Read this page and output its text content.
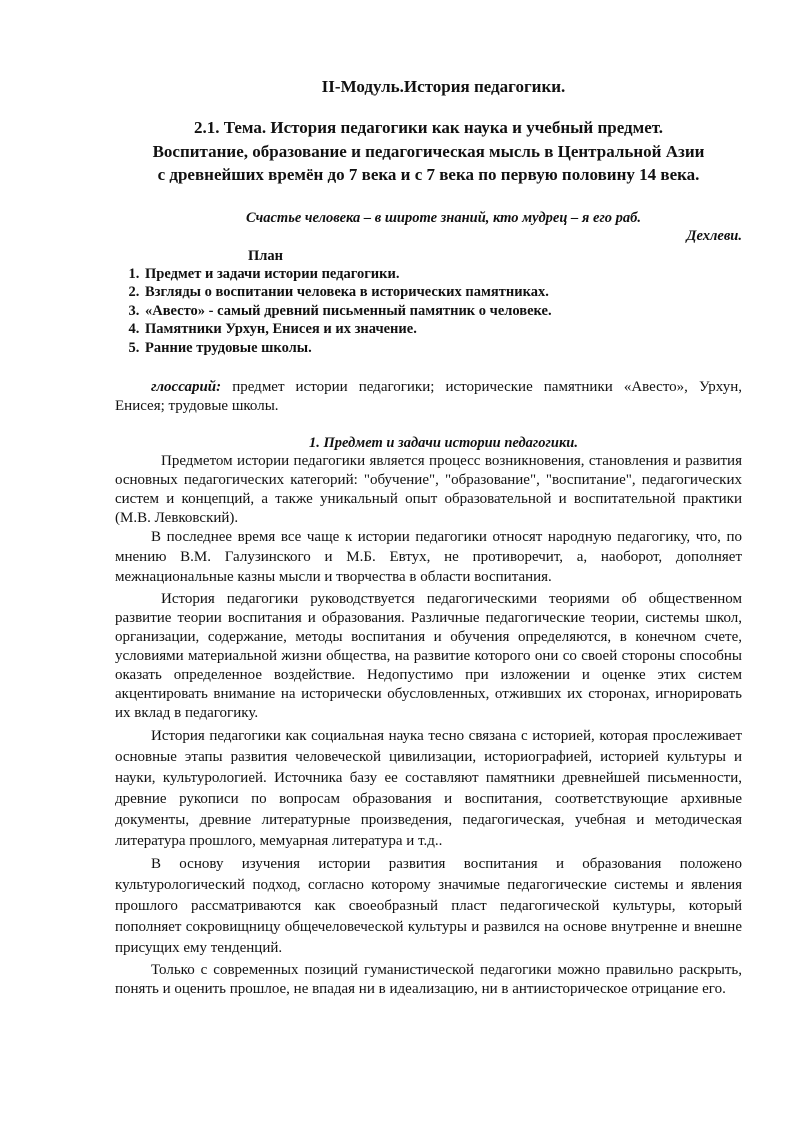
II-Модуль.История педагогики.
2.1. Тема. История педагогики как наука и учебный предмет.
Воспитание, образование и педагогическая мысль в Центральной Азии
с древнейших времён до 7 века и с 7 века по первую половину 14 века.
Счастье человека – в широте знаний, кто мудрец – я его раб.
Дехлеви.
План
1. Предмет и задачи истории педагогики.
2. Взгляды о воспитании человека в исторических памятниках.
3. «Авесто» - самый древний письменный памятник о человеке.
4. Памятники Урхун, Енисея и их значение.
5. Ранние трудовые школы.

глоссарий: предмет истории педагогики; исторические памятники «Авесто», Урхун, Енисея; трудовые школы.

1. Предмет и задачи истории педагогики.

Предметом истории педагогики является процесс возникновения, становления и развития основных педагогических категорий: "обучение", "образование", "воспитание", педагогических систем и концепций, а также уникальный опыт образовательной и воспитательной практики (М.В. Левковский).

В последнее время все чаще к истории педагогики относят народную педагогику, что, по мнению В.М. Галузинского и М.Б. Евтух, не противоречит, а, наоборот, дополняет межнациональные казны мысли и творчества в области воспитания.

История педагогики руководствуется педагогическими теориями об общественном развитие теории воспитания и образования. Различные педагогические теории, системы школ, организации, содержание, методы воспитания и обучения определяются, в конечном счете, условиями материальной жизни общества, на развитие которого они со своей стороны способны оказать определенное воздействие. Недопустимо при изложении и оценке этих систем акцентировать внимание на исторически обусловленных, отживших их сторонах, игнорировать их вклад в педагогику.

История педагогики как социальная наука тесно связана с историей, которая прослеживает основные этапы развития человеческой цивилизации, историографией, историей культуры и науки, культурологией. Источника базу ее составляют памятники древнейшей письменности, древние рукописи по вопросам образования и воспитания, соответствующие архивные документы, древние литературные произведения, педагогическая, учебная и методическая литература прошлого, мемуарная литература и т.д..

В основу изучения истории развития воспитания и образования положено культурологический подход, согласно которому значимые педагогические системы и явления прошлого рассматриваются как своеобразный пласт педагогической культуры, который пополняет сокровищницу общечеловеческой культуры и развился на основе внутренне и внешне присущих ему тенденций.

Только с современных позиций гуманистической педагогики можно правильно раскрыть, понять и оценить прошлое, не впадая ни в идеализацию, ни в антиисторическое отрицание его.
